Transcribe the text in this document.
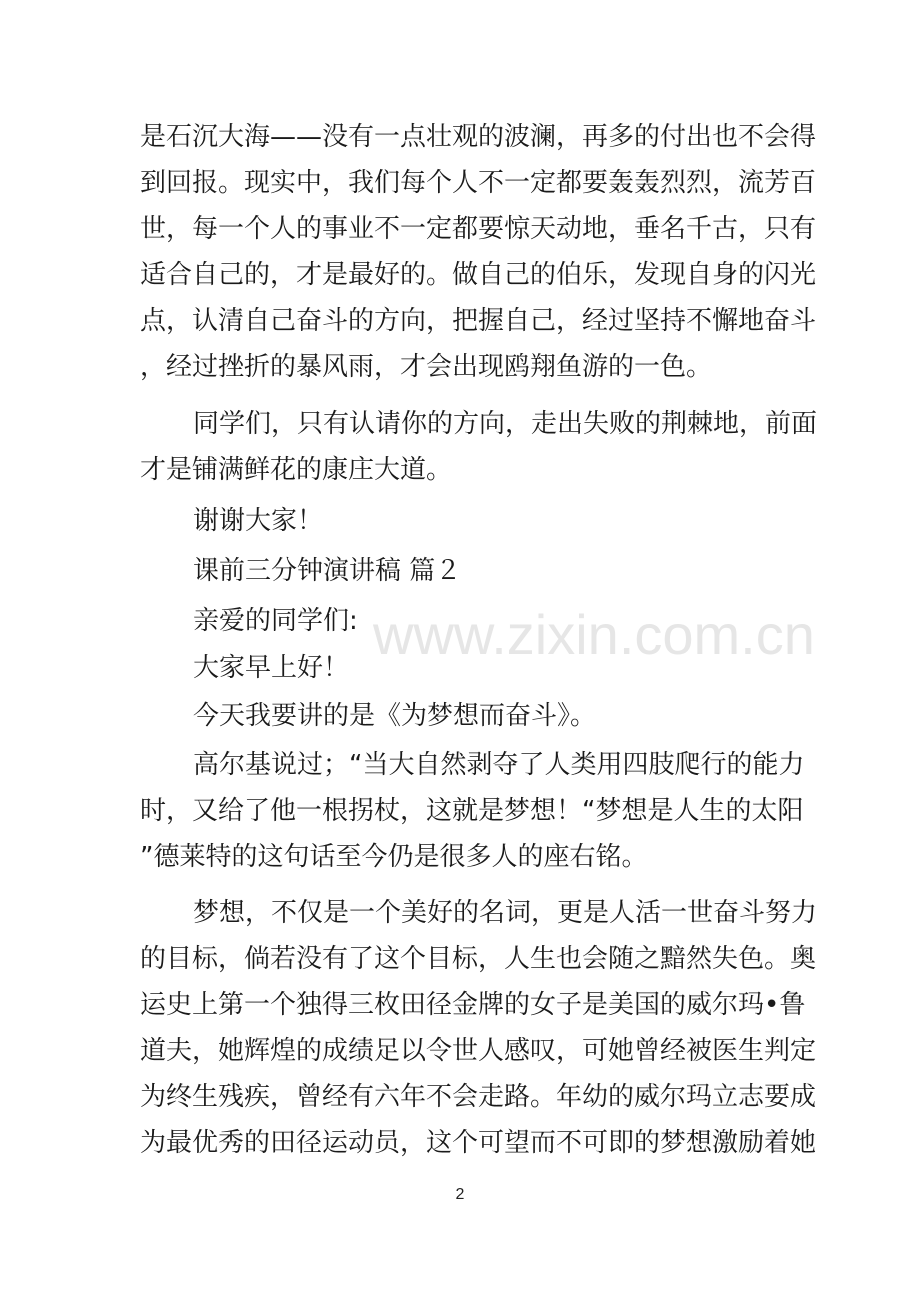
www.zixin.com.cn
是石沉大海——没有一点壮观的波澜，再多的付出也不会得
到回报。现实中，我们每个人不一定都要轰轰烈烈，流芳百
世，每一个人的事业不一定都要惊天动地，垂名千古，只有
适合自己的，才是最好的。做自己的伯乐，发现自身的闪光
点，认清自己奋斗的方向，把握自己，经过坚持不懈地奋斗
，经过挫折的暴风雨，才会出现鸥翔鱼游的一色。
同学们，只有认请你的方向，走出失败的荆棘地，前面
才是铺满鲜花的康庄大道。
谢谢大家！
课前三分钟演讲稿 篇２
亲爱的同学们:
大家早上好！
今天我要讲的是《为梦想而奋斗》。
高尔基说过；“当大自然剥夺了人类用四肢爬行的能力
时，又给了他一根拐杖，这就是梦想！“梦想是人生的太阳
”德莱特的这句话至今仍是很多人的座右铭。
梦想，不仅是一个美好的名词，更是人活一世奋斗努力
的目标，倘若没有了这个目标，人生也会随之黯然失色。奥
运史上第一个独得三枚田径金牌的女子是美国的威尔玛•鲁
道夫，她辉煌的成绩足以令世人感叹，可她曾经被医生判定
为终生残疾，曾经有六年不会走路。年幼的威尔玛立志要成
为最优秀的田径运动员，这个可望而不可即的梦想激励着她
2
